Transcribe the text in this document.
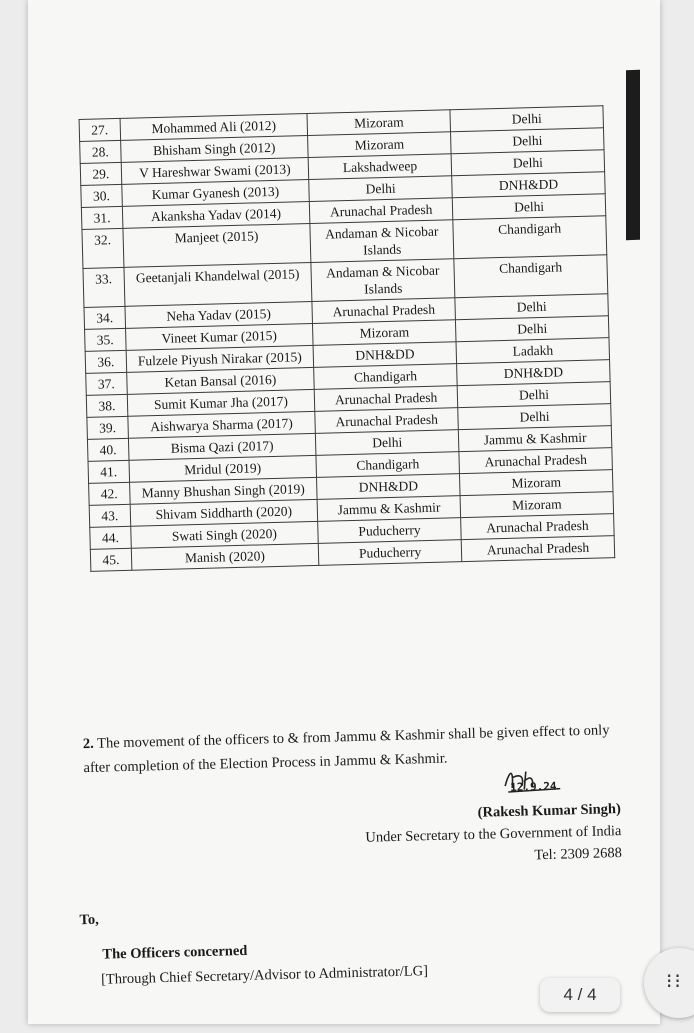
27.	Mohammed Ali (2012)	Mizoram	Delhi
28.	Bhisham Singh (2012)	Mizoram	Delhi
29.	V Hareshwar Swami (2013)	Lakshadweep	Delhi
30.	Kumar Gyanesh (2013)	Delhi	DNH&DD
31.	Akanksha Yadav (2014)	Arunachal Pradesh	Delhi
32.	Manjeet (2015)	Andaman & Nicobar Islands	Chandigarh
33.	Geetanjali Khandelwal (2015)	Andaman & Nicobar Islands	Chandigarh
34.	Neha Yadav (2015)	Arunachal Pradesh	Delhi
35.	Vineet Kumar (2015)	Mizoram	Delhi
36.	Fulzele Piyush Nirakar (2015)	DNH&DD	Ladakh
37.	Ketan Bansal (2016)	Chandigarh	DNH&DD
38.	Sumit Kumar Jha (2017)	Arunachal Pradesh	Delhi
39.	Aishwarya Sharma (2017)	Arunachal Pradesh	Delhi
40.	Bisma Qazi (2017)	Delhi	Jammu & Kashmir
41.	Mridul (2019)	Chandigarh	Arunachal Pradesh
42.	Manny Bhushan Singh (2019)	DNH&DD	Mizoram
43.	Shivam Siddharth (2020)	Jammu & Kashmir	Mizoram
44.	Swati Singh (2020)	Puducherry	Arunachal Pradesh
45.	Manish (2020)	Puducherry	Arunachal Pradesh
2. The movement of the officers to & from Jammu & Kashmir shall be given effect to only after completion of the Election Process in Jammu & Kashmir.
12.9.24
(Rakesh Kumar Singh)
Under Secretary to the Government of India
Tel: 2309 2688
To,
The Officers concerned
[Through Chief Secretary/Advisor to Administrator/LG]
4 / 4
⁝⁝
